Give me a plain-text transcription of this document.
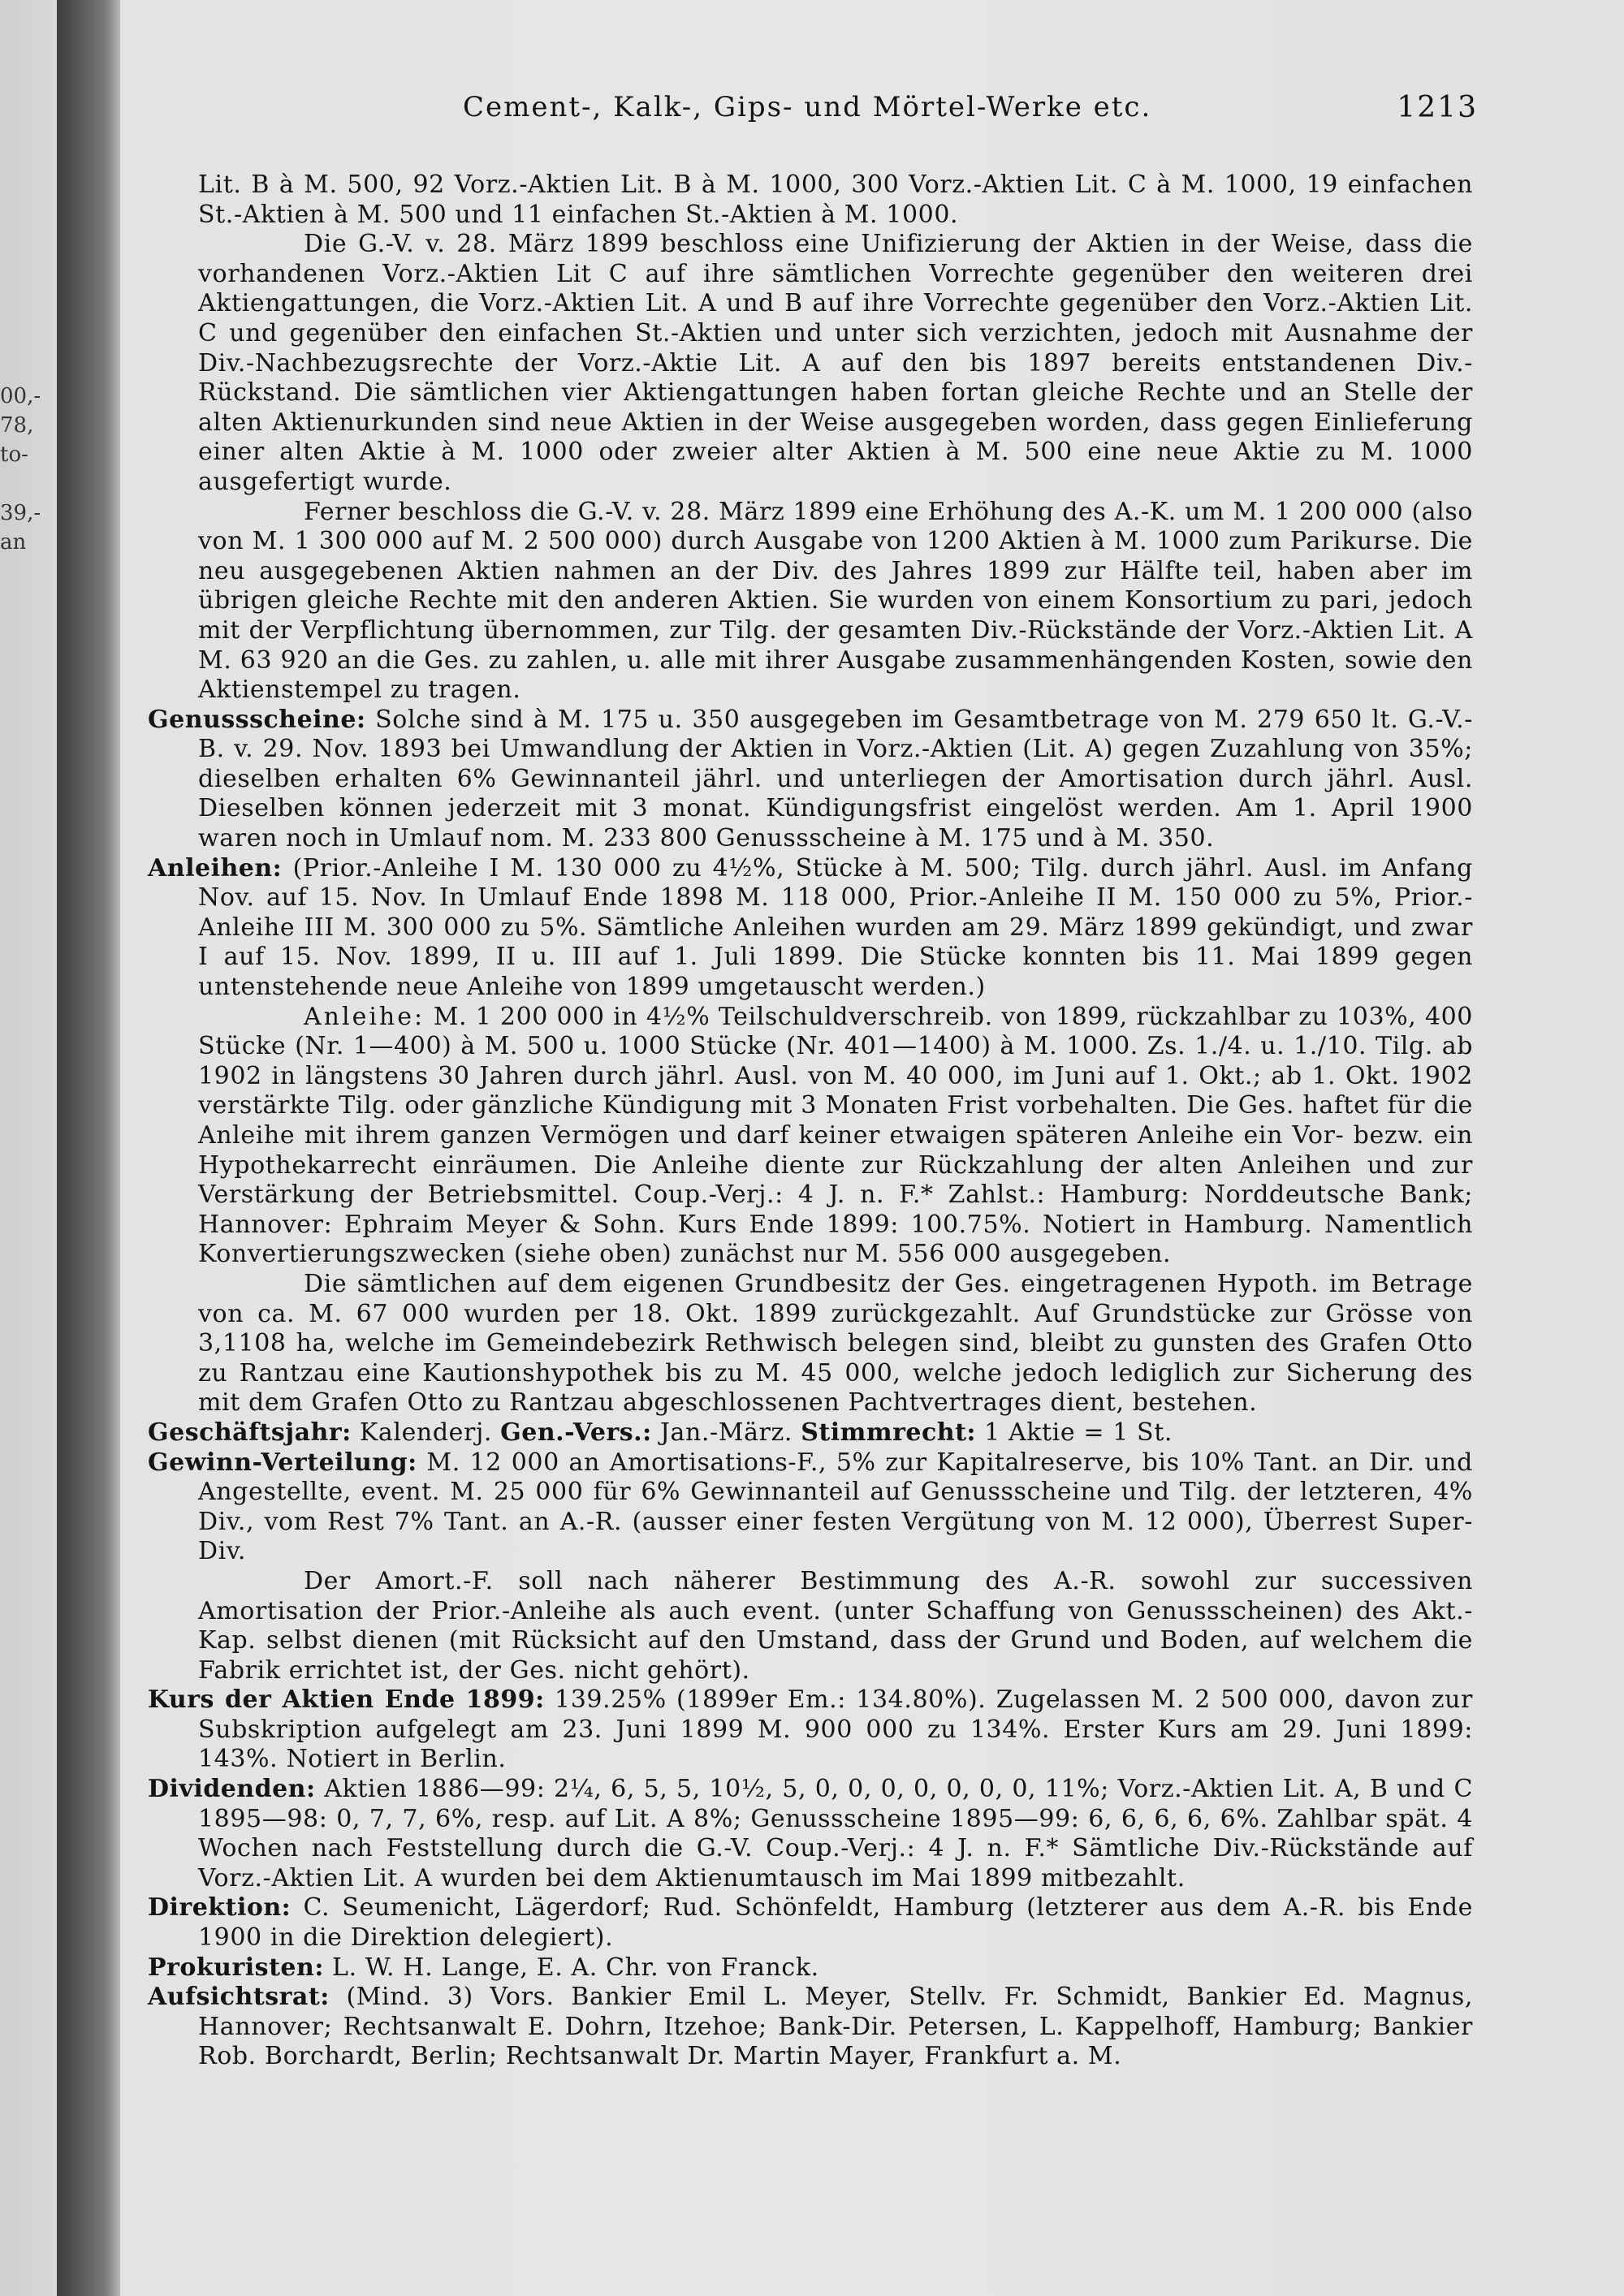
00,-
78,
to-
39,-
an
Cement-, Kalk-, Gips- und Mörtel-Werke etc.	1213

Lit. B à M. 500, 92 Vorz.-Aktien Lit. B à M. 1000, 300 Vorz.-Aktien Lit. C à M. 1000, 19 einfachen St.-Aktien à M. 500 und 11 einfachen St.-Aktien à M. 1000.

Die G.-V. v. 28. März 1899 beschloss eine Unifizierung der Aktien in der Weise, dass die vorhandenen Vorz.-Aktien Lit C auf ihre sämtlichen Vorrechte gegenüber den weiteren drei Aktiengattungen, die Vorz.-Aktien Lit. A und B auf ihre Vorrechte gegenüber den Vorz.-Aktien Lit. C und gegenüber den einfachen St.-Aktien und unter sich verzichten, jedoch mit Ausnahme der Div.-Nachbezugsrechte der Vorz.-Aktie Lit. A auf den bis 1897 bereits entstandenen Div.-Rückstand. Die sämtlichen vier Aktiengattungen haben fortan gleiche Rechte und an Stelle der alten Aktienurkunden sind neue Aktien in der Weise ausgegeben worden, dass gegen Einlieferung einer alten Aktie à M. 1000 oder zweier alter Aktien à M. 500 eine neue Aktie zu M. 1000 ausgefertigt wurde.

Ferner beschloss die G.-V. v. 28. März 1899 eine Erhöhung des A.-K. um M. 1 200 000 (also von M. 1 300 000 auf M. 2 500 000) durch Ausgabe von 1200 Aktien à M. 1000 zum Parikurse. Die neu ausgegebenen Aktien nahmen an der Div. des Jahres 1899 zur Hälfte teil, haben aber im übrigen gleiche Rechte mit den anderen Aktien. Sie wurden von einem Konsortium zu pari, jedoch mit der Verpflichtung übernommen, zur Tilg. der gesamten Div.-Rückstände der Vorz.-Aktien Lit. A M. 63 920 an die Ges. zu zahlen, u. alle mit ihrer Ausgabe zusammenhängenden Kosten, sowie den Aktienstempel zu tragen.

Genussscheine: Solche sind à M. 175 u. 350 ausgegeben im Gesamtbetrage von M. 279 650 lt. G.-V.-B. v. 29. Nov. 1893 bei Umwandlung der Aktien in Vorz.-Aktien (Lit. A) gegen Zuzahlung von 35%; dieselben erhalten 6% Gewinnanteil jährl. und unterliegen der Amortisation durch jährl. Ausl. Dieselben können jederzeit mit 3 monat. Kündigungsfrist eingelöst werden. Am 1. April 1900 waren noch in Umlauf nom. M. 233 800 Genussscheine à M. 175 und à M. 350.

Anleihen: (Prior.-Anleihe I M. 130 000 zu 4½%, Stücke à M. 500; Tilg. durch jährl. Ausl. im Anfang Nov. auf 15. Nov. In Umlauf Ende 1898 M. 118 000, Prior.-Anleihe II M. 150 000 zu 5%, Prior.-Anleihe III M. 300 000 zu 5%. Sämtliche Anleihen wurden am 29. März 1899 gekündigt, und zwar I auf 15. Nov. 1899, II u. III auf 1. Juli 1899. Die Stücke konnten bis 11. Mai 1899 gegen untenstehende neue Anleihe von 1899 umgetauscht werden.)

Anleihe: M. 1 200 000 in 4½% Teilschuldverschreib. von 1899, rückzahlbar zu 103%, 400 Stücke (Nr. 1—400) à M. 500 u. 1000 Stücke (Nr. 401—1400) à M. 1000. Zs. 1./4. u. 1./10. Tilg. ab 1902 in längstens 30 Jahren durch jährl. Ausl. von M. 40 000, im Juni auf 1. Okt.; ab 1. Okt. 1902 verstärkte Tilg. oder gänzliche Kündigung mit 3 Monaten Frist vorbehalten. Die Ges. haftet für die Anleihe mit ihrem ganzen Vermögen und darf keiner etwaigen späteren Anleihe ein Vor- bezw. ein Hypothekarrecht einräumen. Die Anleihe diente zur Rückzahlung der alten Anleihen und zur Verstärkung der Betriebsmittel. Coup.-Verj.: 4 J. n. F.* Zahlst.: Hamburg: Norddeutsche Bank; Hannover: Ephraim Meyer & Sohn. Kurs Ende 1899: 100.75%. Notiert in Hamburg. Namentlich Konvertierungszwecken (siehe oben) zunächst nur M. 556 000 ausgegeben.

Die sämtlichen auf dem eigenen Grundbesitz der Ges. eingetragenen Hypoth. im Betrage von ca. M. 67 000 wurden per 18. Okt. 1899 zurückgezahlt. Auf Grundstücke zur Grösse von 3,1108 ha, welche im Gemeindebezirk Rethwisch belegen sind, bleibt zu gunsten des Grafen Otto zu Rantzau eine Kautionshypothek bis zu M. 45 000, welche jedoch lediglich zur Sicherung des mit dem Grafen Otto zu Rantzau abgeschlossenen Pachtvertrages dient, bestehen.

Geschäftsjahr: Kalenderj. Gen.-Vers.: Jan.-März. Stimmrecht: 1 Aktie = 1 St.

Gewinn-Verteilung: M. 12 000 an Amortisations-F., 5% zur Kapitalreserve, bis 10% Tant. an Dir. und Angestellte, event. M. 25 000 für 6% Gewinnanteil auf Genussscheine und Tilg. der letzteren, 4% Div., vom Rest 7% Tant. an A.-R. (ausser einer festen Vergütung von M. 12 000), Überrest Super-Div.

Der Amort.-F. soll nach näherer Bestimmung des A.-R. sowohl zur successiven Amortisation der Prior.-Anleihe als auch event. (unter Schaffung von Genussscheinen) des Akt.-Kap. selbst dienen (mit Rücksicht auf den Umstand, dass der Grund und Boden, auf welchem die Fabrik errichtet ist, der Ges. nicht gehört).

Kurs der Aktien Ende 1899: 139.25% (1899er Em.: 134.80%). Zugelassen M. 2 500 000, davon zur Subskription aufgelegt am 23. Juni 1899 M. 900 000 zu 134%. Erster Kurs am 29. Juni 1899: 143%. Notiert in Berlin.

Dividenden: Aktien 1886—99: 2¼, 6, 5, 5, 10½, 5, 0, 0, 0, 0, 0, 0, 0, 11%; Vorz.-Aktien Lit. A, B und C 1895—98: 0, 7, 7, 6%, resp. auf Lit. A 8%; Genussscheine 1895—99: 6, 6, 6, 6, 6%. Zahlbar spät. 4 Wochen nach Feststellung durch die G.-V. Coup.-Verj.: 4 J. n. F.* Sämtliche Div.-Rückstände auf Vorz.-Aktien Lit. A wurden bei dem Aktienumtausch im Mai 1899 mitbezahlt.

Direktion: C. Seumenicht, Lägerdorf; Rud. Schönfeldt, Hamburg (letzterer aus dem A.-R. bis Ende 1900 in die Direktion delegiert).

Prokuristen: L. W. H. Lange, E. A. Chr. von Franck.

Aufsichtsrat: (Mind. 3) Vors. Bankier Emil L. Meyer, Stellv. Fr. Schmidt, Bankier Ed. Magnus, Hannover; Rechtsanwalt E. Dohrn, Itzehoe; Bank-Dir. Petersen, L. Kappelhoff, Hamburg; Bankier Rob. Borchardt, Berlin; Rechtsanwalt Dr. Martin Mayer, Frankfurt a. M.
